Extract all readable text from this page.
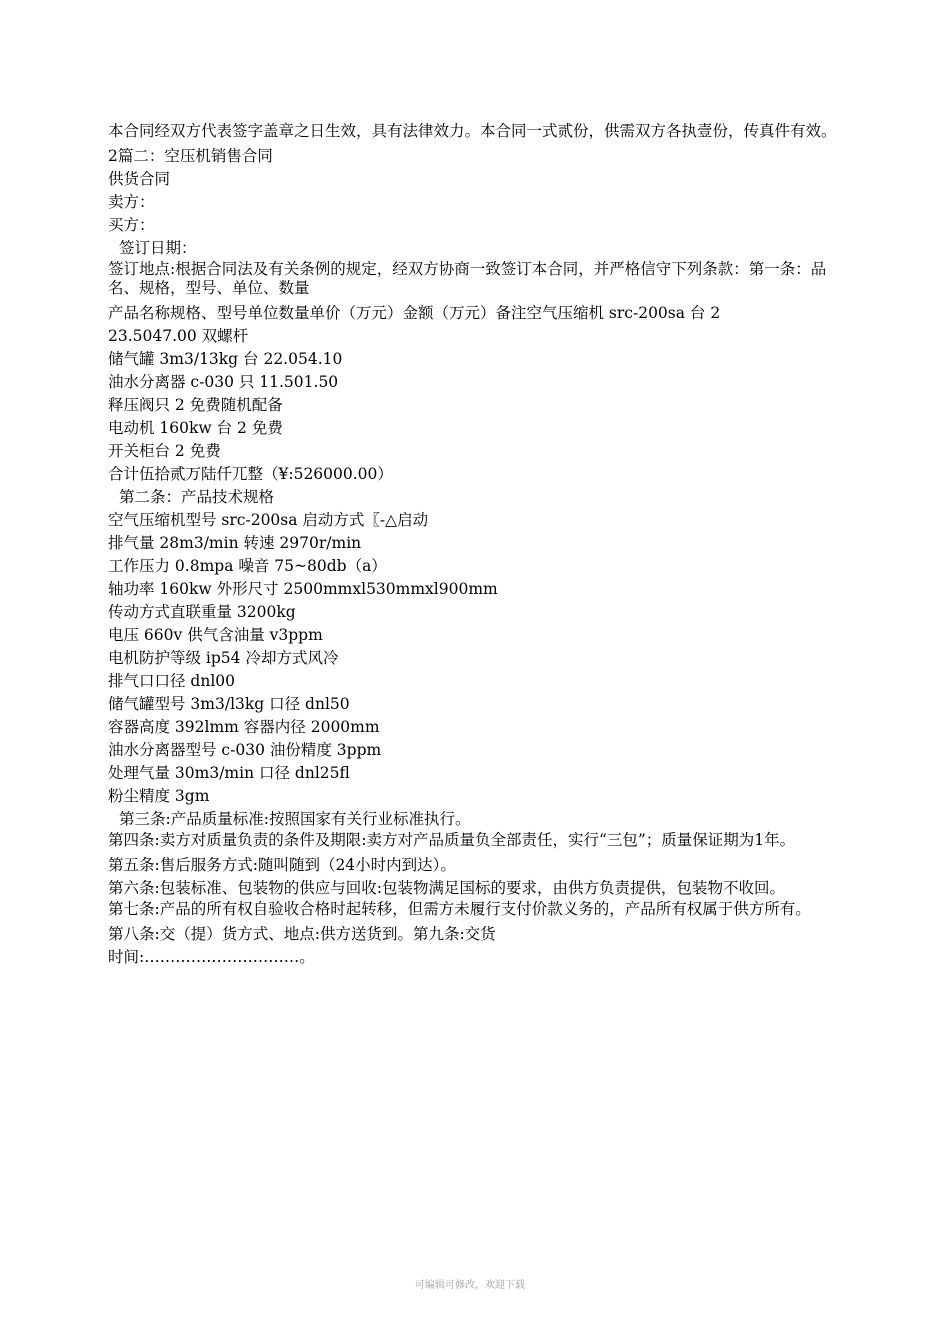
本合同经双方代表签字盖章之日生效，具有法律效力。本合同一式贰份，供需双方各执壹份，传真件有效。
2篇二：空压机销售合同
供货合同
卖方：
买方：
签订日期：
签订地点:根据合同法及有关条例的规定，经双方协商一致签订本合同，并严格信守下列条款：第一条：品名、规格，型号、单位、数量
产品名称规格、型号单位数量单价（万元）金额（万元）备注空气压缩机 src-200sa 台 2
23.5047.00 双螺杆
储气罐 3m3/13kg 台 22.054.10
油水分离器 c-030 只 11.501.50
释压阀只 2 免费随机配备
电动机 160kw 台 2 免费
开关柜台 2 免费
合计伍拾贰万陆仟兀整（¥:526000.00）
第二条：产品技术规格
空气压缩机型号 src-200sa 启动方式〖-△启动
排气量 28m3/min 转速 2970r/min
工作压力 0.8mpa 噪音 75~80db（a）
轴功率 160kw 外形尺寸 2500mmxl530mmxl900mm
传动方式直联重量 3200kg
电压 660v 供气含油量 v3ppm
电机防护等级 ip54 冷却方式风冷
排气口口径 dnl00
储气罐型号 3m3/l3kg 口径 dnl50
容器高度 392lmm 容器内径 2000mm
油水分离器型号 c-030 油份精度 3ppm
处理气量 30m3/min 口径 dnl25fl
粉尘精度 3gm
第三条:产品质量标准:按照国家有关行业标准执行。
第四条:卖方对质量负责的条件及期限:卖方对产品质量负全部责任，实行“三包”；质量保证期为1年。
第五条:售后服务方式:随叫随到（24小时内到达）。
第六条:包装标准、包装物的供应与回收:包装物满足国标的要求，由供方负责提供，包装物不收回。
第七条:产品的所有权自验收合格时起转移，但需方未履行支付价款义务的，产品所有权属于供方所有。
第八条:交（提）货方式、地点:供方送货到。第九条:交货
时间:…………………………。
可编辑可修改，欢迎下载
